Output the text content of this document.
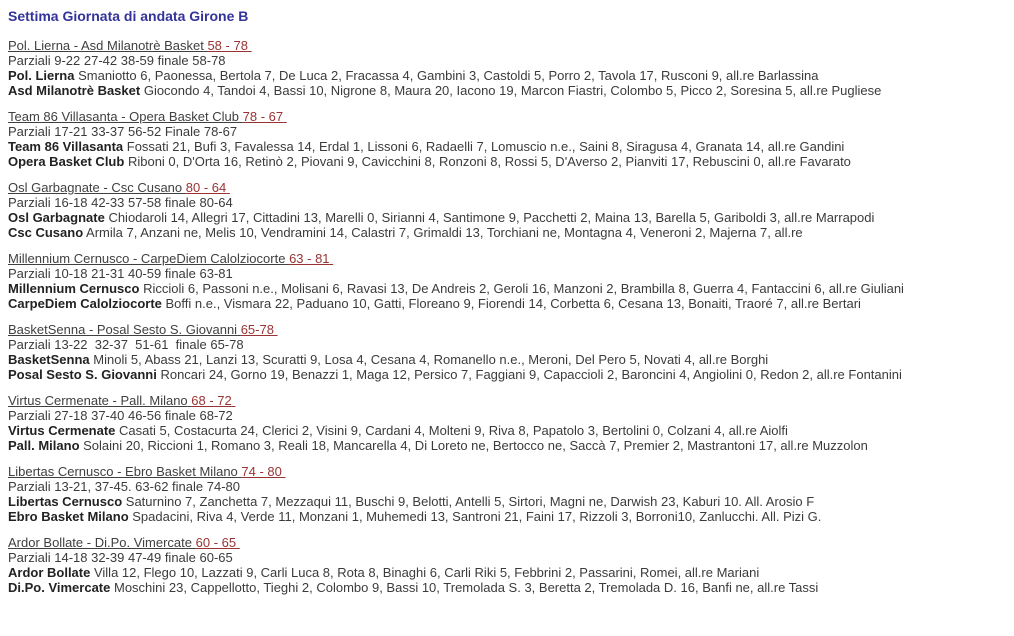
Settima Giornata di andata Girone B
Pol. Lierna - Asd Milanotrè Basket 58 - 78
Parziali 9-22 27-42 38-59 finale 58-78
Pol. Lierna Smaniotto 6, Paonessa, Bertola 7, De Luca 2, Fracassa 4, Gambini 3, Castoldi 5, Porro 2, Tavola 17, Rusconi 9, all.re Barlassina
Asd Milanotrè Basket Giocondo 4, Tandoi 4, Bassi 10, Nigrone 8, Maura 20, Iacono 19, Marcon Fiastri, Colombo 5, Picco 2, Soresina 5, all.re Pugliese
Team 86 Villasanta - Opera Basket Club 78 - 67
Parziali 17-21 33-37 56-52 Finale 78-67
Team 86 Villasanta Fossati 21, Bufi 3, Favalessa 14, Erdal 1, Lissoni 6, Radaelli 7, Lomuscio n.e., Saini 8, Siragusa 4, Granata 14, all.re Gandini
Opera Basket Club Riboni 0, D'Orta 16, Retinò 2, Piovani 9, Cavicchini 8, Ronzoni 8, Rossi 5, D'Averso 2, Pianviti 17, Rebuscini 0, all.re Favarato
Osl Garbagnate - Csc Cusano 80 - 64
Parziali 16-18 42-33 57-58 finale 80-64
Osl Garbagnate Chiodaroli 14, Allegri 17, Cittadini 13, Marelli 0, Sirianni 4, Santimone 9, Pacchetti 2, Maina 13, Barella 5, Gariboldi 3, all.re Marrapodi
Csc Cusano Armila 7, Anzani ne, Melis 10, Vendramini 14, Calastri 7, Grimaldi 13, Torchiani ne, Montagna 4, Veneroni 2, Majerna 7, all.re
Millennium Cernusco - CarpeDiem Calolziocorte 63 - 81
Parziali 10-18 21-31 40-59 finale 63-81
Millennium Cernusco Riccioli 6, Passoni n.e., Molisani 6, Ravasi 13, De Andreis 2, Geroli 16, Manzoni 2, Brambilla 8, Guerra 4, Fantaccini 6, all.re Giuliani
CarpeDiem Calolziocorte Boffi n.e., Vismara 22, Paduano 10, Gatti, Floreano 9, Fiorendi 14, Corbetta 6, Cesana 13, Bonaiti, Traoré 7, all.re Bertari
BasketSenna - Posal Sesto S. Giovanni 65-78
Parziali 13-22  32-37  51-61  finale 65-78
BasketSenna Minoli 5, Abass 21, Lanzi 13, Scuratti 9, Losa 4, Cesana 4, Romanello n.e., Meroni, Del Pero 5, Novati 4, all.re Borghi
Posal Sesto S. Giovanni Roncari 24, Gorno 19, Benazzi 1, Maga 12, Persico 7, Faggiani 9, Capaccioli 2, Baroncini 4, Angiolini 0, Redon 2, all.re Fontanini
Virtus Cermenate - Pall. Milano 68 - 72
Parziali 27-18 37-40 46-56 finale 68-72
Virtus Cermenate Casati 5, Costacurta 24, Clerici 2, Visini 9, Cardani 4, Molteni 9, Riva 8, Papatolo 3, Bertolini 0, Colzani 4, all.re Aiolfi
Pall. Milano Solaini 20, Riccioni 1, Romano 3, Reali 18, Mancarella 4, Di Loreto ne, Bertocco ne, Saccà 7, Premier 2, Mastrantoni 17, all.re Muzzolon
Libertas Cernusco - Ebro Basket Milano 74 - 80
Parziali 13-21, 37-45. 63-62 finale 74-80
Libertas Cernusco Saturnino 7, Zanchetta 7, Mezzaqui 11, Buschi 9, Belotti, Antelli 5, Sirtori, Magni ne, Darwish 23, Kaburi 10. All. Arosio F
Ebro Basket Milano Spadacini, Riva 4, Verde 11, Monzani 1, Muhemedi 13, Santroni 21, Faini 17, Rizzoli 3, Borroni10, Zanlucchi. All. Pizi G.
Ardor Bollate - Di.Po. Vimercate 60 - 65
Parziali 14-18 32-39 47-49 finale 60-65
Ardor Bollate Villa 12, Flego 10, Lazzati 9, Carli Luca 8, Rota 8, Binaghi 6, Carli Riki 5, Febbrini 2, Passarini, Romei, all.re Mariani
Di.Po. Vimercate Moschini 23, Cappellotto, Tieghi 2, Colombo 9, Bassi 10, Tremolada S. 3, Beretta 2, Tremolada D. 16, Banfi ne, all.re Tassi
